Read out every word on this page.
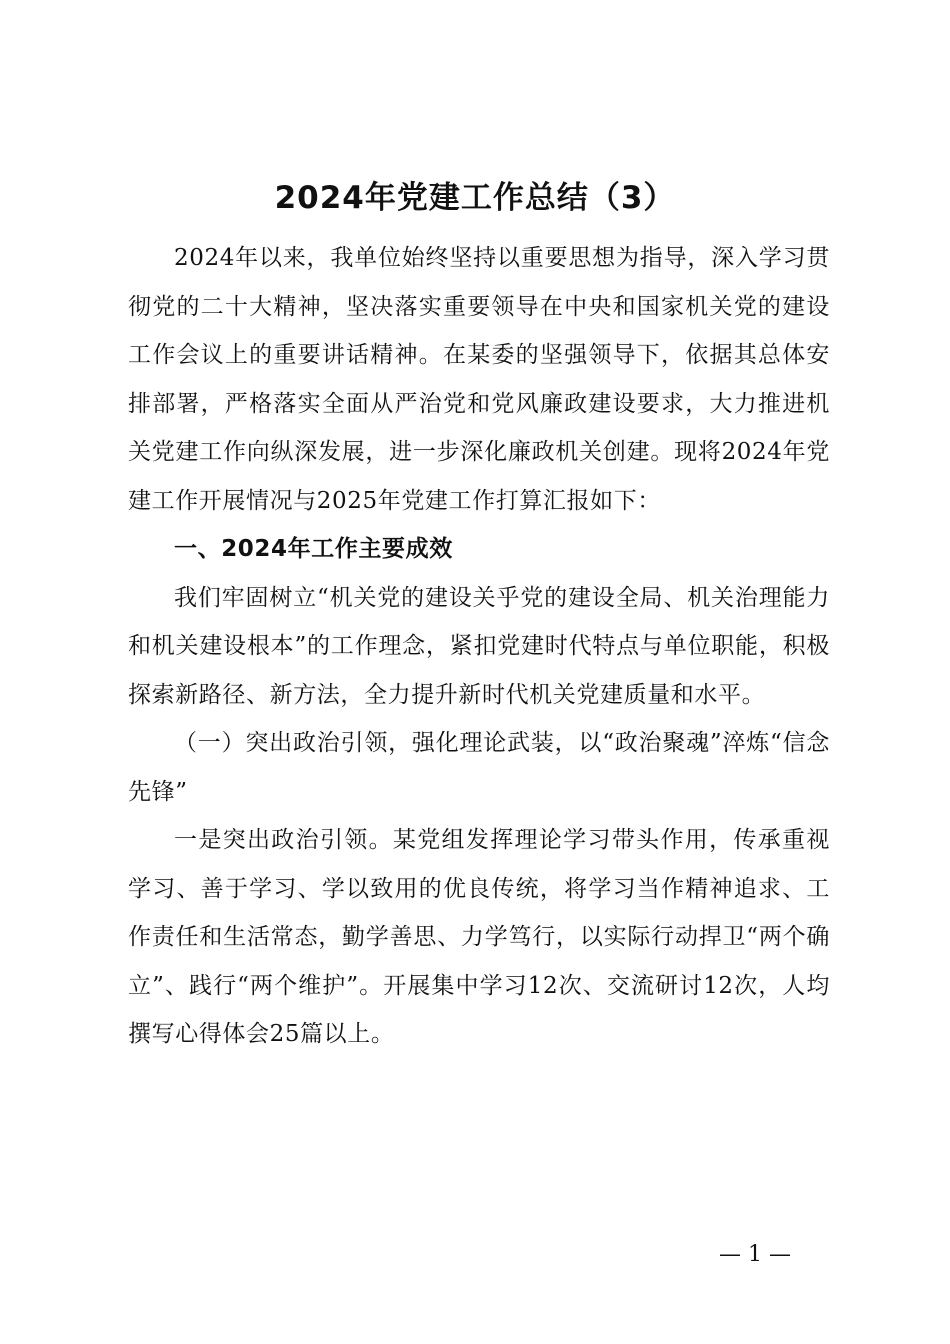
2024年党建工作总结（3）

2024年以来，我单位始终坚持以重要思想为指导，深入学习贯彻党的二十大精神，坚决落实重要领导在中央和国家机关党的建设工作会议上的重要讲话精神。在某委的坚强领导下，依据其总体安排部署，严格落实全面从严治党和党风廉政建设要求，大力推进机关党建工作向纵深发展，进一步深化廉政机关创建。现将2024年党建工作开展情况与2025年党建工作打算汇报如下：

一、2024年工作主要成效

我们牢固树立“机关党的建设关乎党的建设全局、机关治理能力和机关建设根本”的工作理念，紧扣党建时代特点与单位职能，积极探索新路径、新方法，全力提升新时代机关党建质量和水平。

（一）突出政治引领，强化理论武装，以“政治聚魂”淬炼“信念先锋”

一是突出政治引领。某党组发挥理论学习带头作用，传承重视学习、善于学习、学以致用的优良传统，将学习当作精神追求、工作责任和生活常态，勤学善思、力学笃行，以实际行动捍卫“两个确立”、践行“两个维护”。开展集中学习12次、交流研讨12次，人均撰写心得体会25篇以上。

— 1 —
